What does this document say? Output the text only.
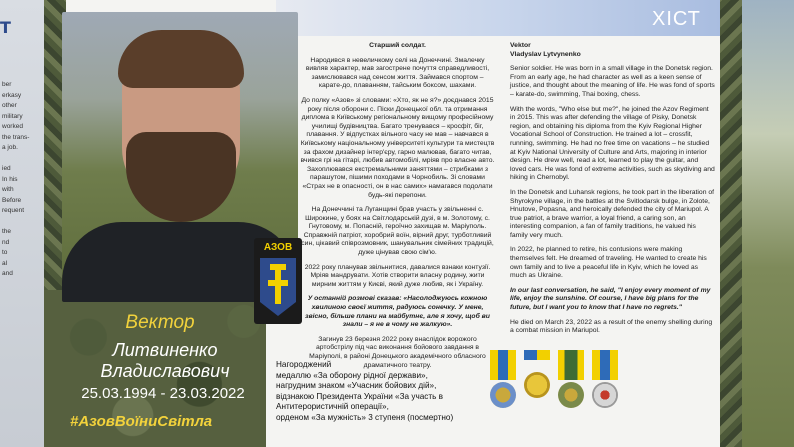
Т
ber
erkasy
other
military
worked
the trans-
a job.

ied
In his
with
Before
requent

the
nd
to
al
and
ΧІСТ
АЗОВ
Вектор
Литвиненко
Владиславович
25.03.1994 - 23.03.2022
#АзовВоїниСвітла

Старший солдат.

Народився в невеличкому селі на Донеччині. Змалечку вивляв характер, мав загострене почуття справедливості, замислювався над сенсом життя. Займався спортом – карате-до, плаванням, тайським боксом, шахами.

До полку «Азов» зі словами: «Хто, як не я?» доєднався 2015 року після оборони с. Піски Донецької обл. та отримання диплома в Київському регіональному вищому професійному училищі будівництва. Багато тренувався – кросфіт, біг, плавання. У відпустках вільного часу не мав – навчався в Київському національному університеті культури та мистецтв за фахом дизайнер інтер'єру, гарно малював, багато читав, вчився грі на гітарі, любив автомобілі, мріяв про власне авто. Захоплювався екстремальними заняттями – стрибками з парашутом, пішими походами в Чорнобиль. Зі словами «Страх не в опасності, он в нас самих» намагався подолати будь-які перепони.

На Донеччині та Луганщині брав участь у звільненні с. Широкине, у боях на Світлодарській дузі, в м. Золотому, с. Гнутовому, м. Попасній, героїчно захищав м. Маріуполь. Справжній патріот, хоробрий воїн, вірний друг, турботливий син, цікавий співрозмовник, шанувальник сімейних традицій, дуже цінував свою сім'ю.

2022 року планував звільнитися, давалися взнаки контузії. Мріяв мандрувати. Хотів створити власну родину, жити мирним життям у Києві, який дуже любив, як і Україну.

У останній розмові сказав: «Насолоджуюсь кожною хвилиною своєї життя, радуюсь сонечку. У мене, звісно, більше плани на майбутнє, але я хочу, щоб ви знали – я не в чому не жалкую».

Загинув 23 березня 2022 року внаслідок ворожого артобстрілу під час виконання бойового завдання в Маріуполі, в районі Донецького академічного обласного драматичного театру.

Vektor
Vladyslav Lytvynenko

Senior soldier. He was born in a small village in the Donetsk region. From an early age, he had character as well as a keen sense of justice, and thought about the meaning of life. He was fond of sports – karate-do, swimming, Thai boxing, chess.

With the words, "Who else but me?", he joined the Azov Regiment in 2015. This was after defending the village of Pisky, Donetsk region, and obtaining his diploma from the Kyiv Regional Higher Vocational School of Construction. He trained a lot – crossfit, running, swimming. He had no free time on vacations – he studied at Kyiv National University of Culture and Arts, majoring in interior design. He drew well, read a lot, learned to play the guitar, and loved cars. He was fond of extreme activities, such as skydiving and hiking in Chernobyl.

In the Donetsk and Luhansk regions, he took part in the liberation of Shyrokyne village, in the battles at the Svitlodarsk bulge, in Zolote, Hnutove, Popasna, and heroically defended the city of Mariupol. A true patriot, a brave warrior, a loyal friend, a caring son, an interesting companion, a fan of family traditions, he valued his family very much.

In 2022, he planned to retire, his contusions were making themselves felt. He dreamed of traveling. He wanted to create his own family and to live a peaceful life in Kyiv, which he loved as much as Ukraine.

In our last conversation, he said, "I enjoy every moment of my life, enjoy the sunshine. Of course, I have big plans for the future, but I want you to know that I have no regrets."

He died on March 23, 2022 as a result of the enemy shelling during a combat mission in Mariupol.

Нагороджений
медаллю «За оборону рідної держави»,
нагрудним знаком «Учасник бойових дій»,
відзнакою Президента України «За участь в
Антитерористичній операції»,
орденом «За мужність» 3 ступеня (посмертно)
